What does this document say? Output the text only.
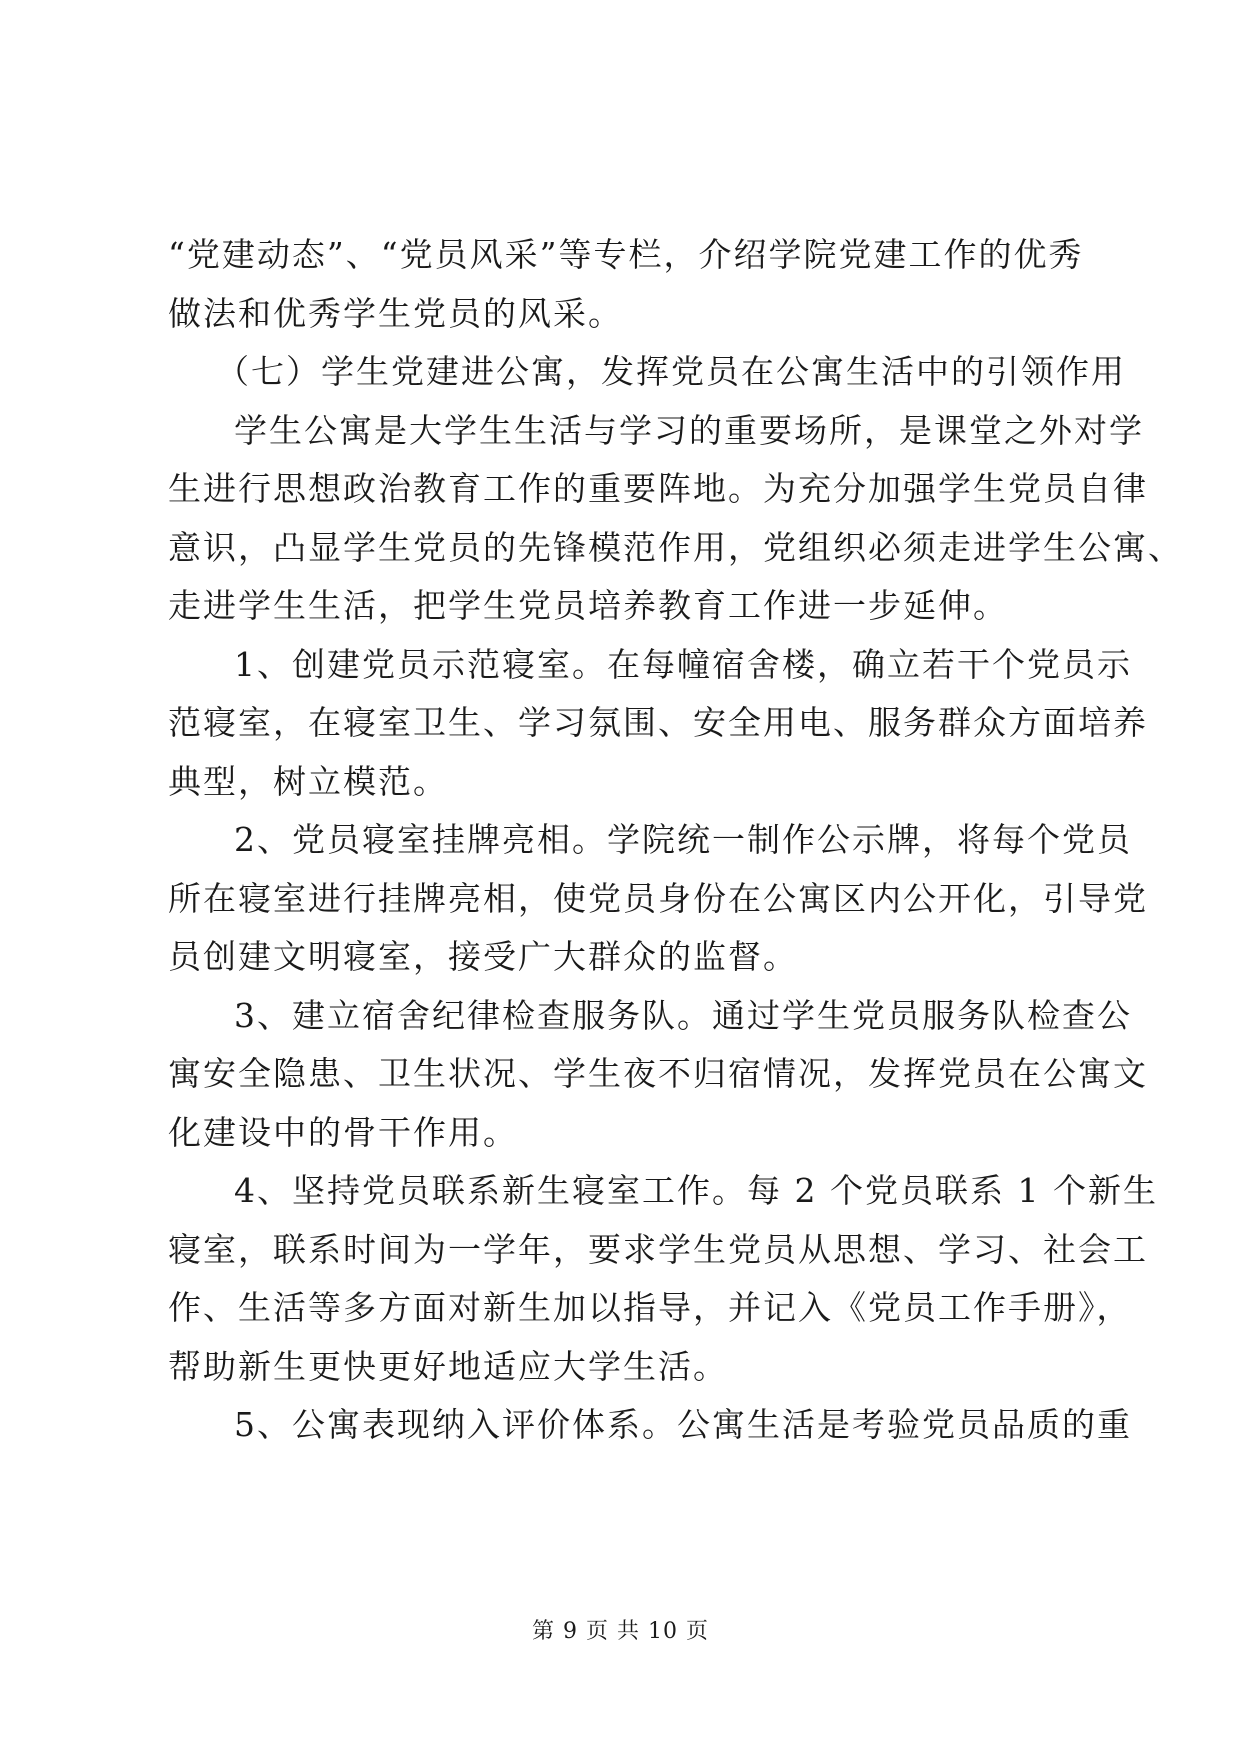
“党建动态”、“党员风采”等专栏，介绍学院党建工作的优秀
做法和优秀学生党员的风采。

（七）学生党建进公寓，发挥党员在公寓生活中的引领作用

学生公寓是大学生生活与学习的重要场所，是课堂之外对学
生进行思想政治教育工作的重要阵地。为充分加强学生党员自律
意识，凸显学生党员的先锋模范作用，党组织必须走进学生公寓、
走进学生生活，把学生党员培养教育工作进一步延伸。

1、创建党员示范寝室。在每幢宿舍楼，确立若干个党员示
范寝室，在寝室卫生、学习氛围、安全用电、服务群众方面培养
典型，树立模范。

2、党员寝室挂牌亮相。学院统一制作公示牌，将每个党员
所在寝室进行挂牌亮相，使党员身份在公寓区内公开化，引导党
员创建文明寝室，接受广大群众的监督。

3、建立宿舍纪律检查服务队。通过学生党员服务队检查公
寓安全隐患、卫生状况、学生夜不归宿情况，发挥党员在公寓文
化建设中的骨干作用。

4、坚持党员联系新生寝室工作。每 2 个党员联系 1 个新生
寝室，联系时间为一学年，要求学生党员从思想、学习、社会工
作、生活等多方面对新生加以指导，并记入《党员工作手册》，
帮助新生更快更好地适应大学生活。

5、公寓表现纳入评价体系。公寓生活是考验党员品质的重

第 9 页 共 10 页
